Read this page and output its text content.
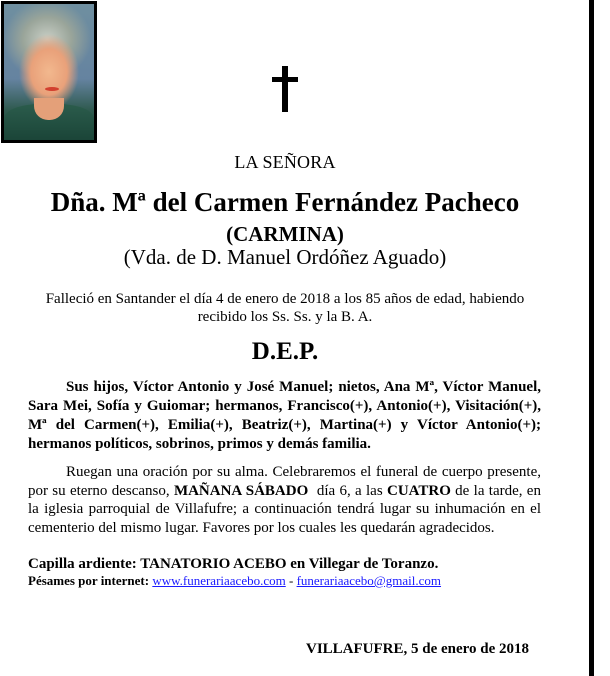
LA SEÑORA
Dña. Mª del Carmen Fernández Pacheco
(CARMINA)
(Vda. de D. Manuel Ordóñez Aguado)
Falleció en Santander el día 4 de enero de 2018 a los 85 años de edad, habiendo recibido los Ss. Ss. y la B. A.
D.E.P.
Sus hijos, Víctor Antonio y José Manuel; nietos, Ana Mª, Víctor Manuel, Sara Mei, Sofía y Guiomar; hermanos, Francisco(+), Antonio(+), Visitación(+), Mª del Carmen(+), Emilia(+), Beatriz(+), Martina(+) y Víctor Antonio(+); hermanos políticos, sobrinos, primos y demás familia.
Ruegan una oración por su alma. Celebraremos el funeral de cuerpo presente, por su eterno descanso, MAÑANA SÁBADO  día 6, a las CUATRO de la tarde, en la iglesia parroquial de Villafufre; a continuación tendrá lugar su inhumación en el cementerio del mismo lugar. Favores por los cuales les quedarán agradecidos.
Capilla ardiente: TANATORIO ACEBO en Villegar de Toranzo.
Pésames por internet: www.funerariaacebo.com - funerariaacebo@gmail.com
VILLAFUFRE, 5 de enero de 2018
